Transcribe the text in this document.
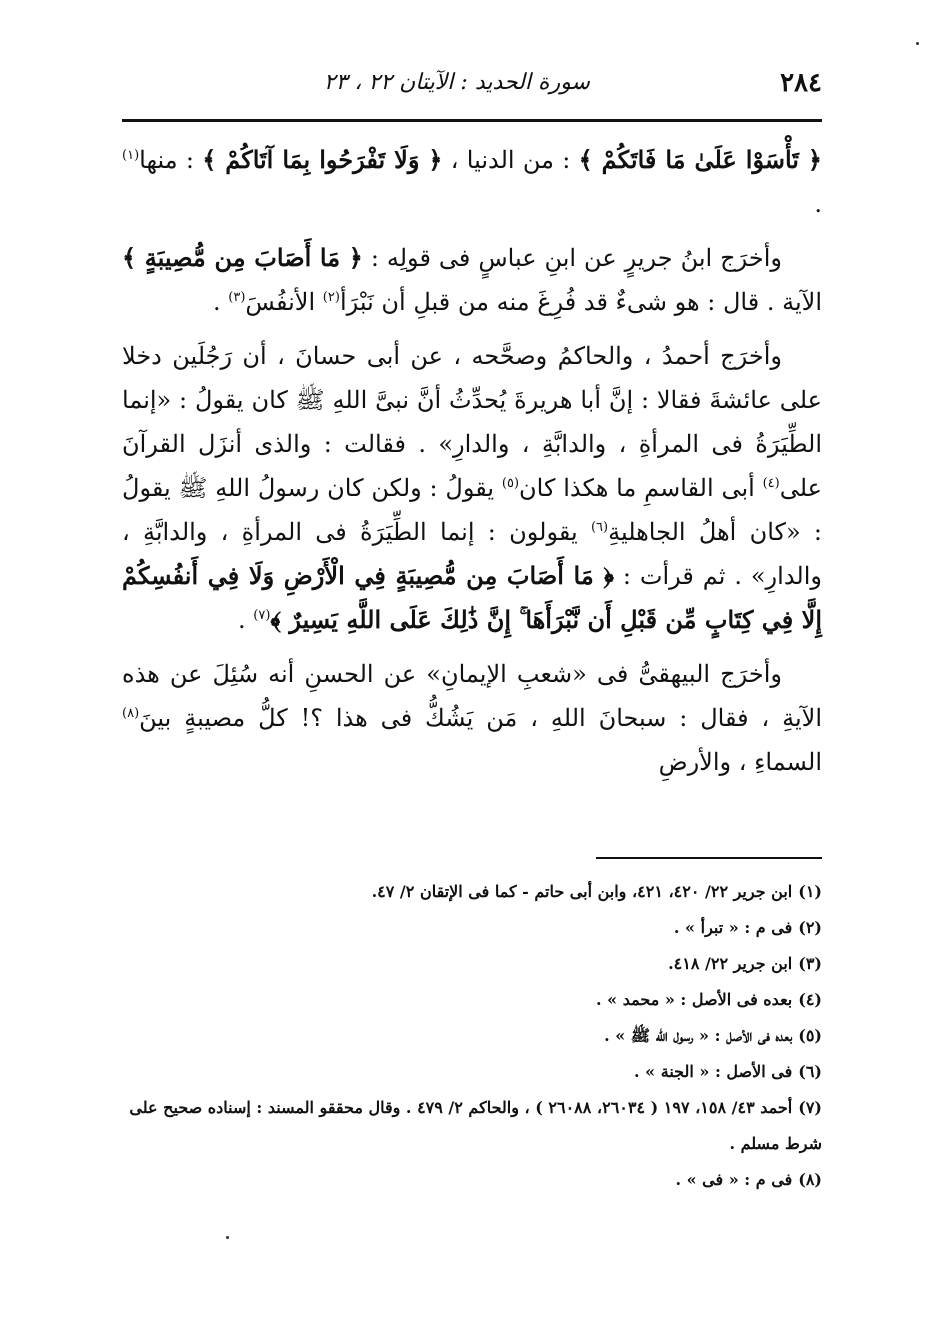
٢٨٤
سورة الحديد : الآيتان ٢٢ ، ٢٣

﴿ تَأْسَوْا عَلَىٰ مَا فَاتَكُمْ ﴾ : من الدنيا ، ﴿ وَلَا تَفْرَحُوا بِمَا آتَاكُمْ ﴾ : منها$^{(١)}$ .

وأخرَج ابنُ جريرٍ عن ابنِ عباسٍ فى قولِه : ﴿ مَا أَصَابَ مِن مُّصِيبَةٍ ﴾ الآية . قال : هو شىءٌ قد فُرِغَ منه من قبلِ أن نَبْرَأ$^{(٢)}$ الأنفُسَ$^{(٣)}$ .

وأخرَج أحمدُ ، والحاكمُ وصحَّحه ، عن أبى حسانَ ، أن رَجُلَين دخلا على عائشةَ فقالا : إنَّ أبا هريرةَ يُحدِّثُ أنَّ نبىَّ اللهِ ﷺ كان يقولُ : «إنما الطِّيَرَةُ فى المرأةِ ، والدابَّةِ ، والدارِ» . فقالت : والذى أنزَل القرآنَ على$^{(٤)}$ أبى القاسمِ ما هكذا كان$^{(٥)}$ يقولُ : ولكن كان رسولُ اللهِ ﷺ يقولُ : «كان أهلُ الجاهليةِ$^{(٦)}$ يقولون : إنما الطِّيَرَةُ فى المرأةِ ، والدابَّةِ ، والدارِ» . ثم قرأت : ﴿ مَا أَصَابَ مِن مُّصِيبَةٍ فِي الْأَرْضِ وَلَا فِي أَنفُسِكُمْ إِلَّا فِي كِتَابٍ مِّن قَبْلِ أَن نَّبْرَأَهَا ۚ إِنَّ ذَٰلِكَ عَلَى اللَّهِ يَسِيرٌ ﴾$^{(٧)}$ .

وأخرَج البيهقىُّ فى «شعبِ الإيمانِ» عن الحسنِ أنه سُئِلَ عن هذه الآيةِ ، فقال : سبحانَ اللهِ ، مَن يَشُكُّ فى هذا ؟! كلُّ مصيبةٍ بينَ$^{(٨)}$ السماءِ ، والأرضِ

(١)ابن جرير ٢٢/ ٤٢٠، ٤٢١، وابن أبى حاتم - كما فى الإتقان ٢/ ٤٧.

(٢)فى م : « تبرأ » .

(٣)ابن جرير ٢٢/ ٤١٨.

(٤)بعده فى الأصل : « محمد » .

(٥)بعده فى الأصل : « رسول الله ﷺ » .

(٦)فى الأصل : « الجنة » .

(٧)أحمد ٤٣/ ١٥٨، ١٩٧ ( ٢٦٠٣٤، ٢٦٠٨٨ ) ، والحاكم ٢/ ٤٧٩ . وقال محققو المسند : إسناده صحيح على شرط مسلم .

(٨)فى م : « فى » .
